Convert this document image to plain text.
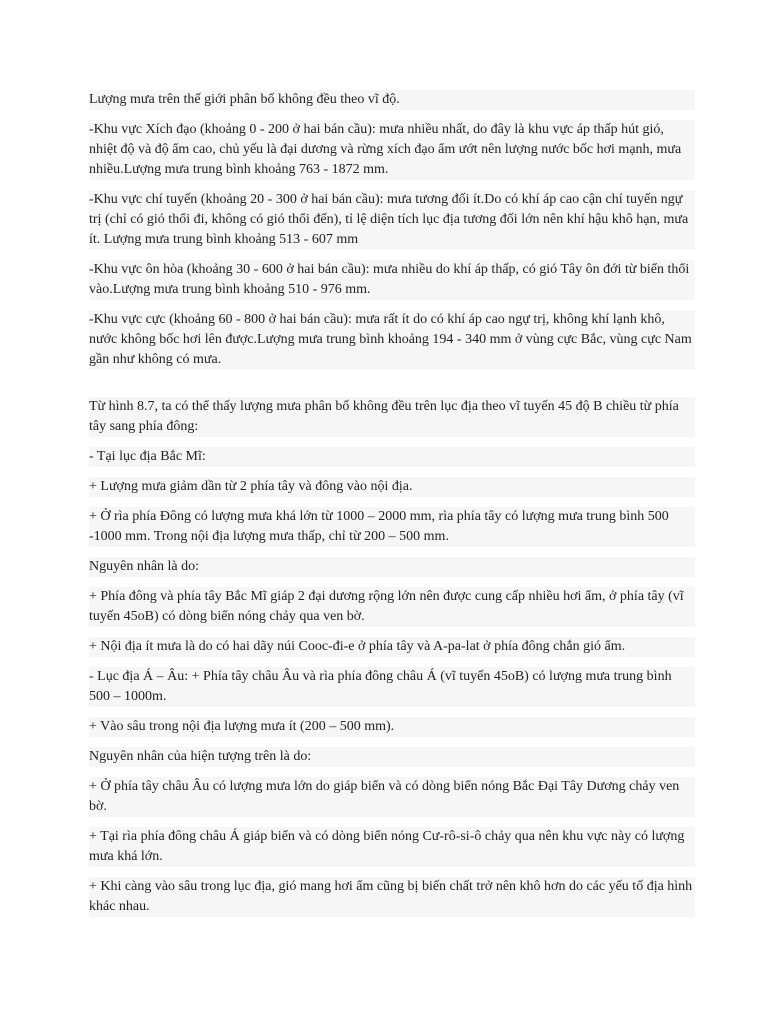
Lượng mưa trên thế giới phân bố không đều theo vĩ độ.

-Khu vực Xích đạo (khoảng 0 - 200 ở hai bán cầu): mưa nhiều nhất, do đây là khu vực áp thấp hút gió, nhiệt độ và độ ẩm cao, chủ yếu là đại dương và rừng xích đạo ẩm ướt nên lượng nước bốc hơi mạnh, mưa nhiều.Lượng mưa trung bình khoảng 763 - 1872 mm.

-Khu vực chí tuyến (khoảng 20 - 300 ở hai bán cầu): mưa tương đối ít.Do có khí áp cao cận chí tuyến ngự trị (chỉ có gió thổi đi, không có gió thổi đến), tỉ lệ diện tích lục địa tương đối lớn nên khí hậu khô hạn, mưa ít. Lượng mưa trung bình khoảng 513 - 607 mm

-Khu vực ôn hòa (khoảng 30 - 600 ở hai bán cầu): mưa nhiều do khí áp thấp, có gió Tây ôn đới từ biển thổi vào.Lượng mưa trung bình khoảng 510 - 976 mm.

-Khu vực cực (khoảng 60 - 800 ở hai bán cầu): mưa rất ít do có khí áp cao ngự trị, không khí lạnh khô, nước không bốc hơi lên được.Lượng mưa trung bình khoảng 194 - 340 mm ở vùng cực Bắc, vùng cực Nam gần như không có mưa.

Từ hình 8.7, ta có thể thấy lượng mưa phân bố không đều trên lục địa theo vĩ tuyến 45 độ B chiều từ phía tây sang phía đông:

- Tại lục địa Bắc Mĩ:

+ Lượng mưa giảm dần từ 2 phía tây và đông vào nội địa.

+ Ở rìa phía Đông có lượng mưa khá lớn từ 1000 – 2000 mm, rìa phía tây có lượng mưa trung bình 500 -1000 mm. Trong nội địa lượng mưa thấp, chỉ từ 200 – 500 mm.

Nguyên nhân là do:

+ Phía đông và phía tây Bắc Mĩ giáp 2 đại dương rộng lớn nên được cung cấp nhiều hơi ẩm, ở phía tây (vĩ tuyến 45oB) có dòng biển nóng chảy qua ven bờ.

+ Nội địa ít mưa là do có hai dãy núi Cooc-đi-e ở phía tây và A-pa-lat ở phía đông chắn gió ẩm.

- Lục địa Á – Âu: + Phía tây châu Âu và rìa phía đông châu Á (vĩ tuyến 45oB) có lượng mưa trung bình 500 – 1000m.

+ Vào sâu trong nội địa lượng mưa ít (200 – 500 mm).

Nguyên nhân của hiện tượng trên là do:

+ Ở phía tây châu Âu có lượng mưa lớn do giáp biển và có dòng biển nóng Bắc Đại Tây Dương chảy ven bờ.

+ Tại rìa phía đông châu Á giáp biển và có dòng biển nóng Cư-rô-si-ô chảy qua nên khu vực này có lượng mưa khá lớn.

+ Khi càng vào sâu trong lục địa, gió mang hơi ẩm cũng bị biến chất trở nên khô hơn do các yếu tố địa hình khác nhau.
